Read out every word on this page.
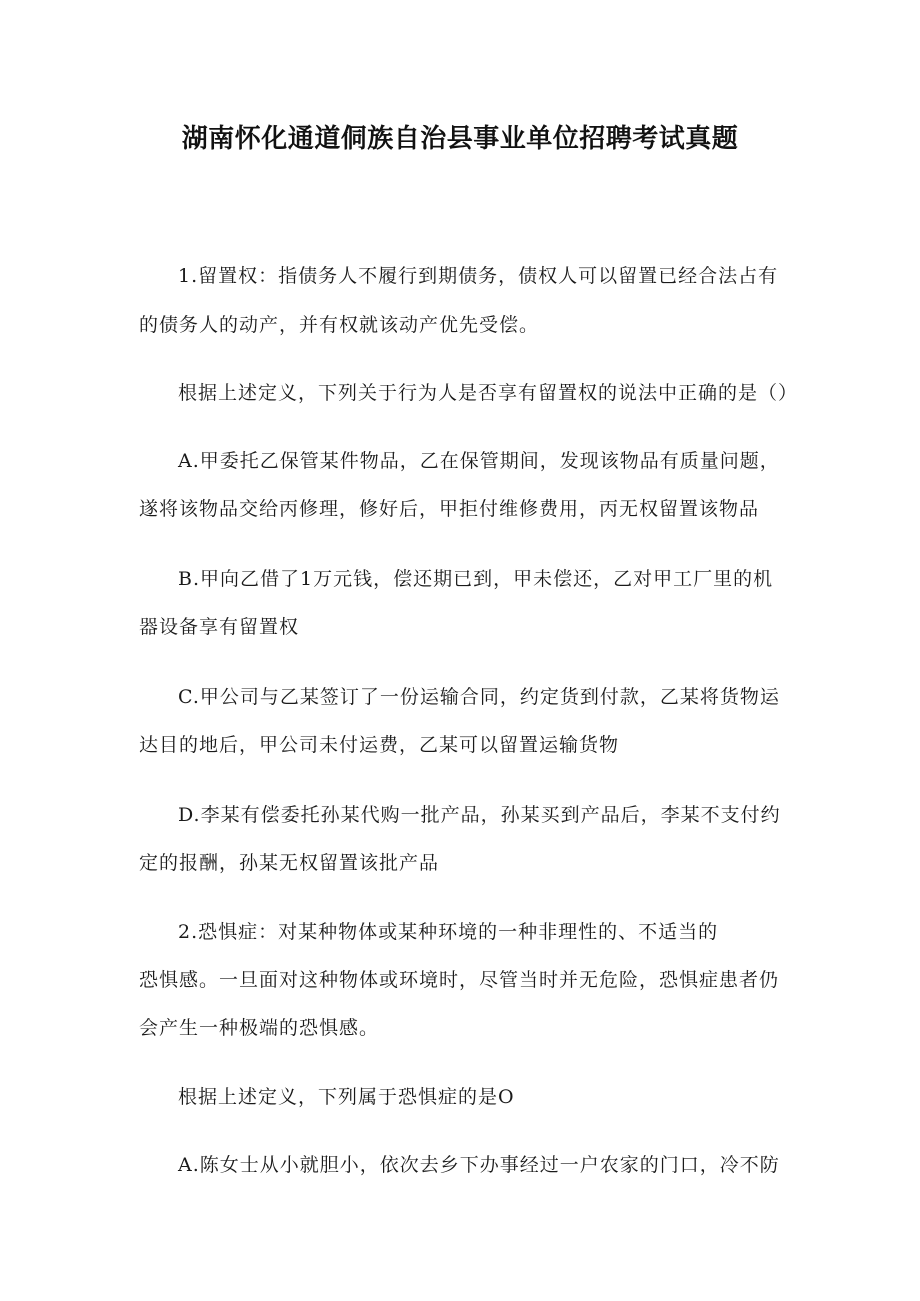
湖南怀化通道侗族自治县事业单位招聘考试真题
1.留置权：指债务人不履行到期债务，债权人可以留置已经合法占有
的债务人的动产，并有权就该动产优先受偿。
根据上述定义，下列关于行为人是否享有留置权的说法中正确的是（）
A.甲委托乙保管某件物品，乙在保管期间，发现该物品有质量问题，
遂将该物品交给丙修理，修好后，甲拒付维修费用，丙无权留置该物品
B.甲向乙借了1万元钱，偿还期已到，甲未偿还，乙对甲工厂里的机
器设备享有留置权
C.甲公司与乙某签订了一份运输合同，约定货到付款，乙某将货物运
达目的地后，甲公司未付运费，乙某可以留置运输货物
D.李某有偿委托孙某代购一批产品，孙某买到产品后，李某不支付约
定的报酬，孙某无权留置该批产品
2.恐惧症：对某种物体或某种环境的一种非理性的、不适当的
恐惧感。一旦面对这种物体或环境时，尽管当时并无危险，恐惧症患者仍
会产生一种极端的恐惧感。
根据上述定义，下列属于恐惧症的是O
A.陈女士从小就胆小，依次去乡下办事经过一户农家的门口，冷不防
